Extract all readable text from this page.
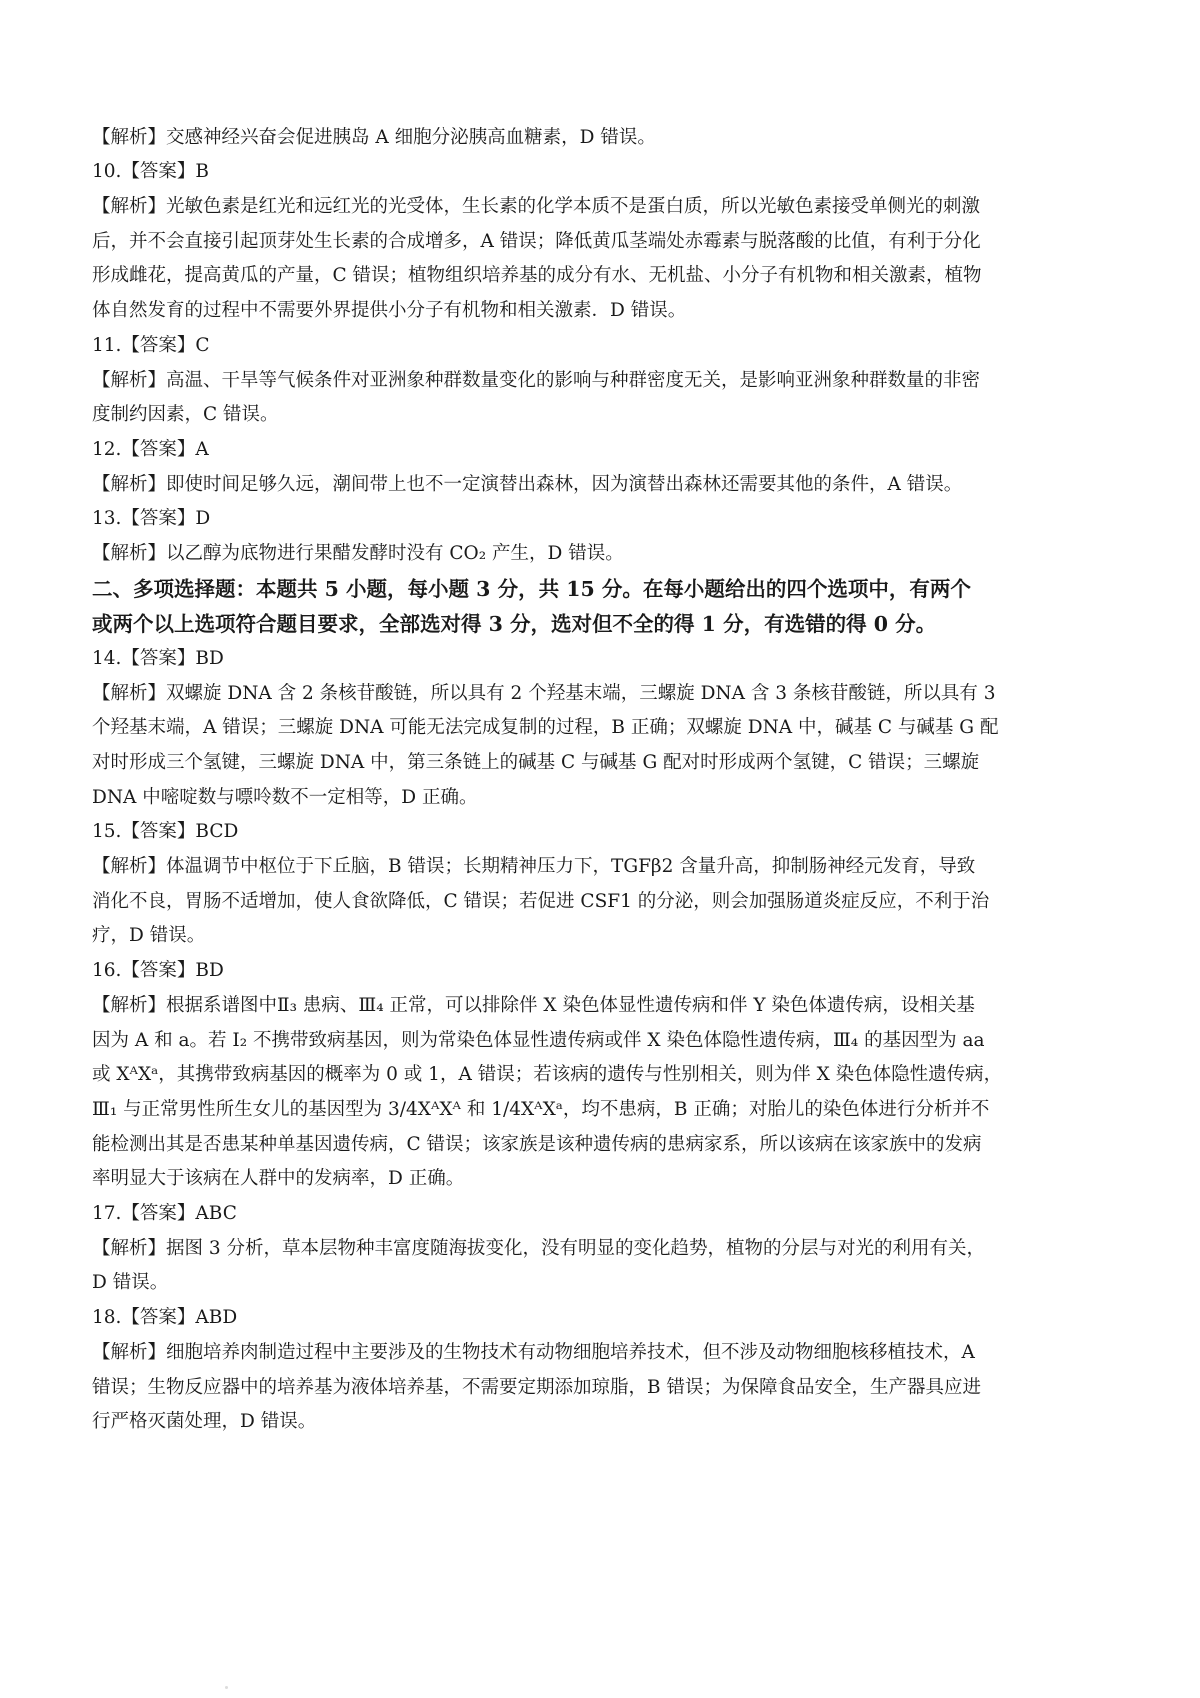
【解析】交感神经兴奋会促进胰岛 A 细胞分泌胰高血糖素，D 错误。
10.【答案】B
【解析】光敏色素是红光和远红光的光受体，生长素的化学本质不是蛋白质，所以光敏色素接受单侧光的刺激
后，并不会直接引起顶芽处生长素的合成增多，A 错误；降低黄瓜茎端处赤霉素与脱落酸的比值，有利于分化
形成雌花，提高黄瓜的产量，C 错误；植物组织培养基的成分有水、无机盐、小分子有机物和相关激素，植物
体自然发育的过程中不需要外界提供小分子有机物和相关激素．D 错误。
11.【答案】C
【解析】高温、干旱等气候条件对亚洲象种群数量变化的影响与种群密度无关，是影响亚洲象种群数量的非密
度制约因素，C 错误。
12.【答案】A
【解析】即使时间足够久远，潮间带上也不一定演替出森林，因为演替出森林还需要其他的条件，A 错误。
13.【答案】D
【解析】以乙醇为底物进行果醋发酵时没有 CO₂ 产生，D 错误。
二、多项选择题：本题共 5 小题，每小题 3 分，共 15 分。在每小题给出的四个选项中，有两个
或两个以上选项符合题目要求，全部选对得 3 分，选对但不全的得 1 分，有选错的得 0 分。
14.【答案】BD
【解析】双螺旋 DNA 含 2 条核苷酸链，所以具有 2 个羟基末端，三螺旋 DNA 含 3 条核苷酸链，所以具有 3
个羟基末端，A 错误；三螺旋 DNA 可能无法完成复制的过程，B 正确；双螺旋 DNA 中，碱基 C 与碱基 G 配
对时形成三个氢键，三螺旋 DNA 中，第三条链上的碱基 C 与碱基 G 配对时形成两个氢键，C 错误；三螺旋
DNA 中嘧啶数与嘌呤数不一定相等，D 正确。
15.【答案】BCD
【解析】体温调节中枢位于下丘脑，B 错误；长期精神压力下，TGFβ2 含量升高，抑制肠神经元发育，导致
消化不良，胃肠不适增加，使人食欲降低，C 错误；若促进 CSF1 的分泌，则会加强肠道炎症反应，不利于治
疗，D 错误。
16.【答案】BD
【解析】根据系谱图中Ⅱ₃ 患病、Ⅲ₄ 正常，可以排除伴 X 染色体显性遗传病和伴 Y 染色体遗传病，设相关基
因为 A 和 a。若 I₂ 不携带致病基因，则为常染色体显性遗传病或伴 X 染色体隐性遗传病，Ⅲ₄ 的基因型为 aa
或 XᴬXᵃ，其携带致病基因的概率为 0 或 1，A 错误；若该病的遗传与性别相关，则为伴 X 染色体隐性遗传病，
Ⅲ₁ 与正常男性所生女儿的基因型为 3/4XᴬXᴬ 和 1/4XᴬXᵃ，均不患病，B 正确；对胎儿的染色体进行分析并不
能检测出其是否患某种单基因遗传病，C 错误；该家族是该种遗传病的患病家系，所以该病在该家族中的发病
率明显大于该病在人群中的发病率，D 正确。
17.【答案】ABC
【解析】据图 3 分析，草本层物种丰富度随海拔变化，没有明显的变化趋势，植物的分层与对光的利用有关，
D 错误。
18.【答案】ABD
【解析】细胞培养肉制造过程中主要涉及的生物技术有动物细胞培养技术，但不涉及动物细胞核移植技术，A
错误；生物反应器中的培养基为液体培养基，不需要定期添加琼脂，B 错误；为保障食品安全，生产器具应进
行严格灭菌处理，D 错误。
